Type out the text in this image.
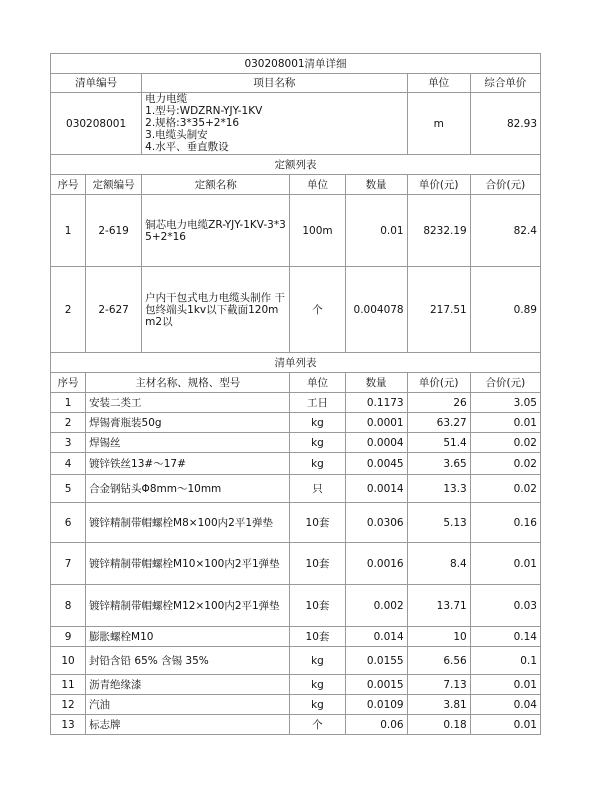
030208001清单详细						
清单编号		项目名称			单位	综合单价
030208001		电力电缆
1.型号:WDZRN-YJY-1KV
2.规格:3*35+2*16
3.电缆头制安
4.水平、垂直敷设			m	82.93
定额列表						
序号	定额编号	定额名称	单位	数量	单价(元)	合价(元)
1	2-619	铜芯电力电缆ZR-YJY-1KV-3*35+2*16	100m	0.01	8232.19	82.4
2	2-627	户内干包式电力电缆头制作 干包终端头1kv以下截面120mm2以	个	0.004078	217.51	0.89
清单列表						
序号	主材名称、规格、型号		单位	数量	单价(元)	合价(元)
1	安装二类工		工日	0.1173	26	3.05
2	焊锡膏瓶装50g		kg	0.0001	63.27	0.01
3	焊锡丝		kg	0.0004	51.4	0.02
4	镀锌铁丝13#～17#		kg	0.0045	3.65	0.02
5	合金钢钻头Φ8mm～10mm		只	0.0014	13.3	0.02
6	镀锌精制带帽螺栓M8×100内2平1弹垫		10套	0.0306	5.13	0.16
7	镀锌精制带帽螺栓M10×100内2平1弹垫		10套	0.0016	8.4	0.01
8	镀锌精制带帽螺栓M12×100内2平1弹垫		10套	0.002	13.71	0.03
9	膨胀螺栓M10		10套	0.014	10	0.14
10	封铅含铅 65% 含锡 35%		kg	0.0155	6.56	0.1
11	沥青绝缘漆		kg	0.0015	7.13	0.01
12	汽油		kg	0.0109	3.81	0.04
13	标志牌		个	0.06	0.18	0.01
